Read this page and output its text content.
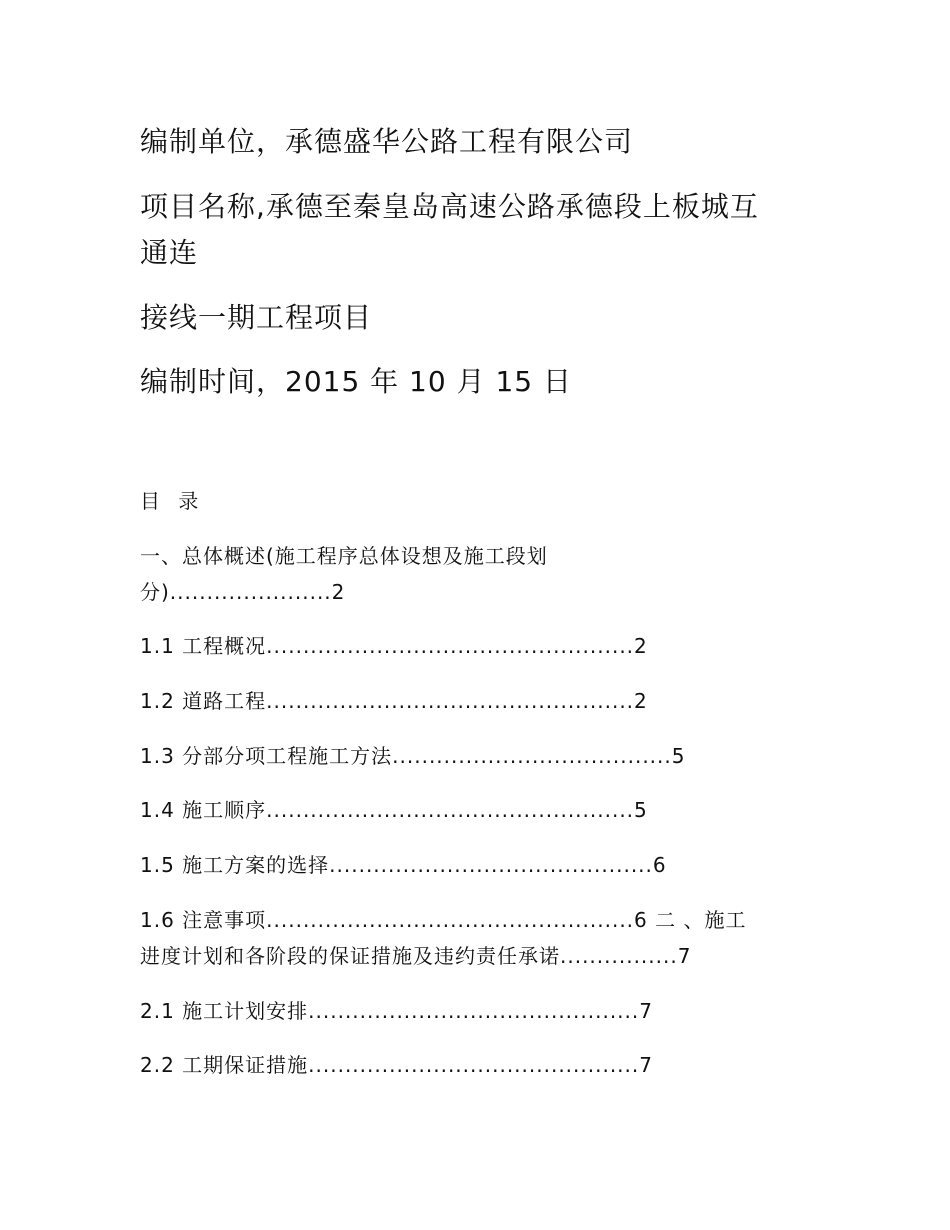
编制单位，承德盛华公路工程有限公司
项目名称,承德至秦皇岛高速公路承德段上板城互
通连
接线一期工程项目
编制时间，2015 年 10 月 15 日
目 录
一、总体概述(施工程序总体设想及施工段划
分)......................2
1.1 工程概况..................................................2
1.2 道路工程..................................................2
1.3 分部分项工程施工方法......................................5
1.4 施工顺序..................................................5
1.5 施工方案的选择............................................6
1.6 注意事项..................................................6 二 、施工
进度计划和各阶段的保证措施及违约责任承诺................7
2.1 施工计划安排.............................................7
2.2 工期保证措施.............................................7
